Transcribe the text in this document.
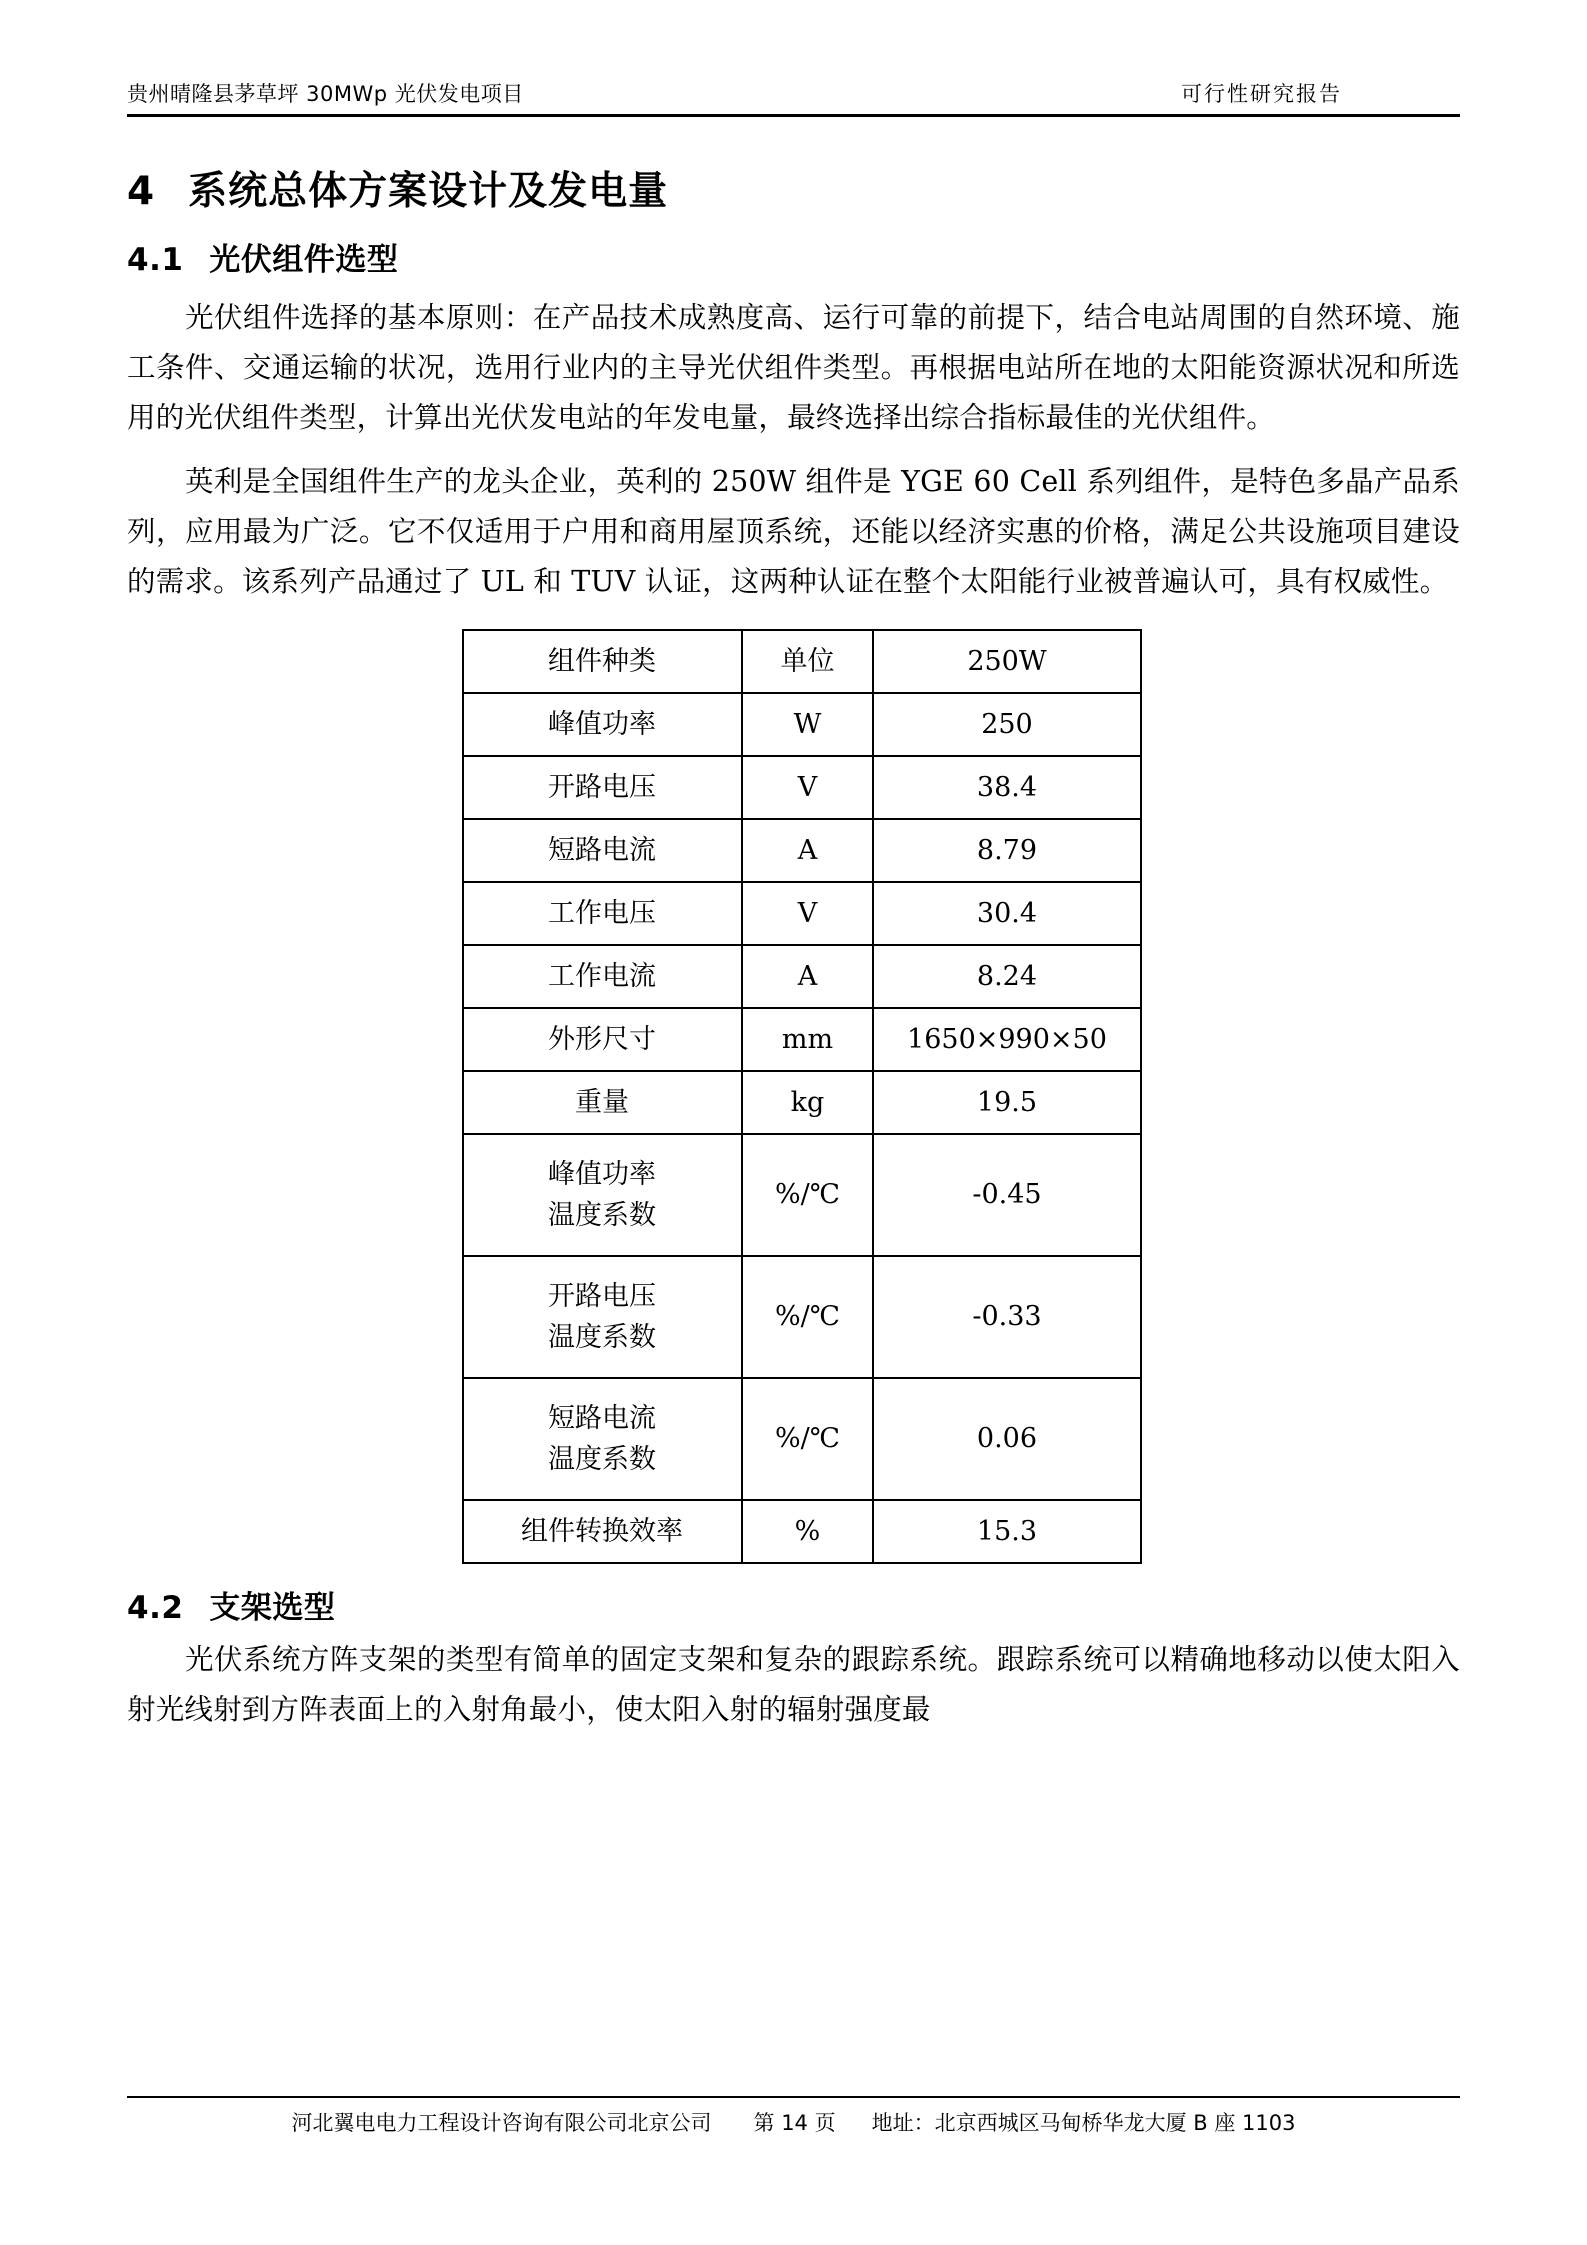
贵州晴隆县茅草坪 30MWp 光伏发电项目	可行性研究报告
4 系统总体方案设计及发电量
4.1 光伏组件选型

光伏组件选择的基本原则：在产品技术成熟度高、运行可靠的前提下，结合电站周围的自然环境、施工条件、交通运输的状况，选用行业内的主导光伏组件类型。再根据电站所在地的太阳能资源状况和所选用的光伏组件类型，计算出光伏发电站的年发电量，最终选择出综合指标最佳的光伏组件。

英利是全国组件生产的龙头企业，英利的 250W 组件是 YGE 60 Cell 系列组件，是特色多晶产品系列，应用最为广泛。它不仅适用于户用和商用屋顶系统，还能以经济实惠的价格，满足公共设施项目建设的需求。该系列产品通过了 UL 和 TUV 认证，这两种认证在整个太阳能行业被普遍认可，具有权威性。

组件种类	单位	250W
峰值功率	W	250
开路电压	V	38.4
短路电流	A	8.79
工作电压	V	30.4
工作电流	A	8.24
外形尺寸	mm	1650×990×50
重量	kg	19.5

峰值功率
温度系数	%/℃	-0.45

开路电压
温度系数	%/℃	-0.33

短路电流
温度系数	%/℃	0.06
组件转换效率	%	15.3
4.2 支架选型

光伏系统方阵支架的类型有简单的固定支架和复杂的跟踪系统。跟踪系统可以精确地移动以使太阳入射光线射到方阵表面上的入射角最小，使太阳入射的辐射强度最

河北翼电电力工程设计咨询有限公司北京公司 第 14 页 地址：北京西城区马甸桥华龙大厦 B 座 1103
